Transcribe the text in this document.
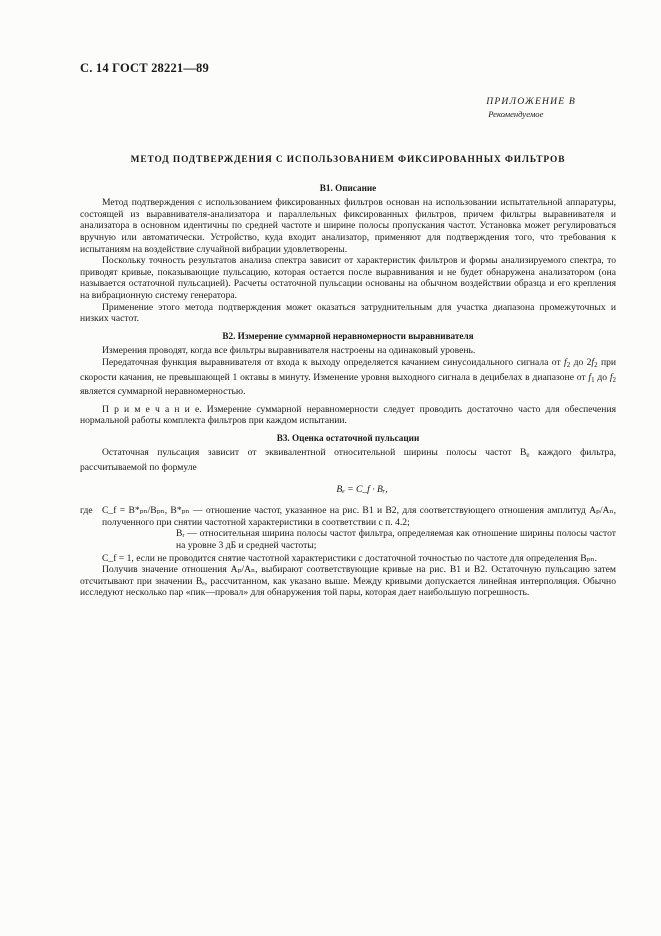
С. 14 ГОСТ 28221—89
ПРИЛОЖЕНИЕ В
Рекомендуемое
МЕТОД ПОДТВЕРЖДЕНИЯ С ИСПОЛЬЗОВАНИЕМ ФИКСИРОВАННЫХ ФИЛЬТРОВ
В1. Описание

Метод подтверждения с использованием фиксированных фильтров основан на использовании испытательной аппаратуры, состоящей из выравнивателя-анализатора и параллельных фиксированных фильтров, причем фильтры выравнивателя и анализатора в основном идентичны по средней частоте и ширине полосы пропускания частот. Установка может регулироваться вручную или автоматически. Устройство, куда входит анализатор, применяют для подтверждения того, что требования к испытаниям на воздействие случайной вибрации удовлетворены.

Поскольку точность результатов анализа спектра зависит от характеристик фильтров и формы анализируемого спектра, то приводят кривые, показывающие пульсацию, которая остается после выравнивания и не будет обнаружена анализатором (она называется остаточной пульсацией). Расчеты остаточной пульсации основаны на обычном воздействии образца и его крепления на вибрационную систему генератора.

Применение этого метода подтверждения может оказаться затруднительным для участка диапазона промежуточных и низких частот.

В2. Измерение суммарной неравномерности выравнивателя

Измерения проводят, когда все фильтры выравнивателя настроены на одинаковый уровень.

Передаточная функция выравнивателя от входа к выходу определяется качанием синусоидального сигнала от $f_2$ до $2f_2$ при скорости качания, не превышающей 1 октавы в минуту. Изменение уровня выходного сигнала в децибелах в диапазоне от $f_1$ до $f_2$ является суммарной неравномерностью.

П р и м е ч а н и е. Измерение суммарной неравномерности следует проводить достаточно часто для обеспечения нормальной работы комплекта фильтров при каждом испытании.

В3. Оценка остаточной пульсации

Остаточная пульсация зависит от эквивалентной относительной ширины полосы частот $B_e$ каждого фильтра, рассчитываемой по формуле

Bₑ = C_f · Bᵣ,
где C_f = B*ₚₙ/Bₚₙ, B*ₚₙ — отношение частот, указанное на рис. В1 и В2, для соответствующего отношения амплитуд Aₚ/Aₙ, полученного при снятии частотной характеристики в соответствии с п. 4.2;
Bᵣ — относительная ширина полосы частот фильтра, определяемая как отношение ширины полосы частот на уровне 3 дБ и средней частоты;

C_f = 1, если не проводится снятие частотной характеристики с достаточной точностью по частоте для определения Bₚₙ.

Получив значение отношения Aₚ/Aₙ, выбирают соответствующие кривые на рис. В1 и В2. Остаточную пульсацию затем отсчитывают при значении Bₑ, рассчитанном, как указано выше. Между кривыми допускается линейная интерполяция. Обычно исследуют несколько пар «пик—провал» для обнаружения той пары, которая дает наибольшую погрешность.
